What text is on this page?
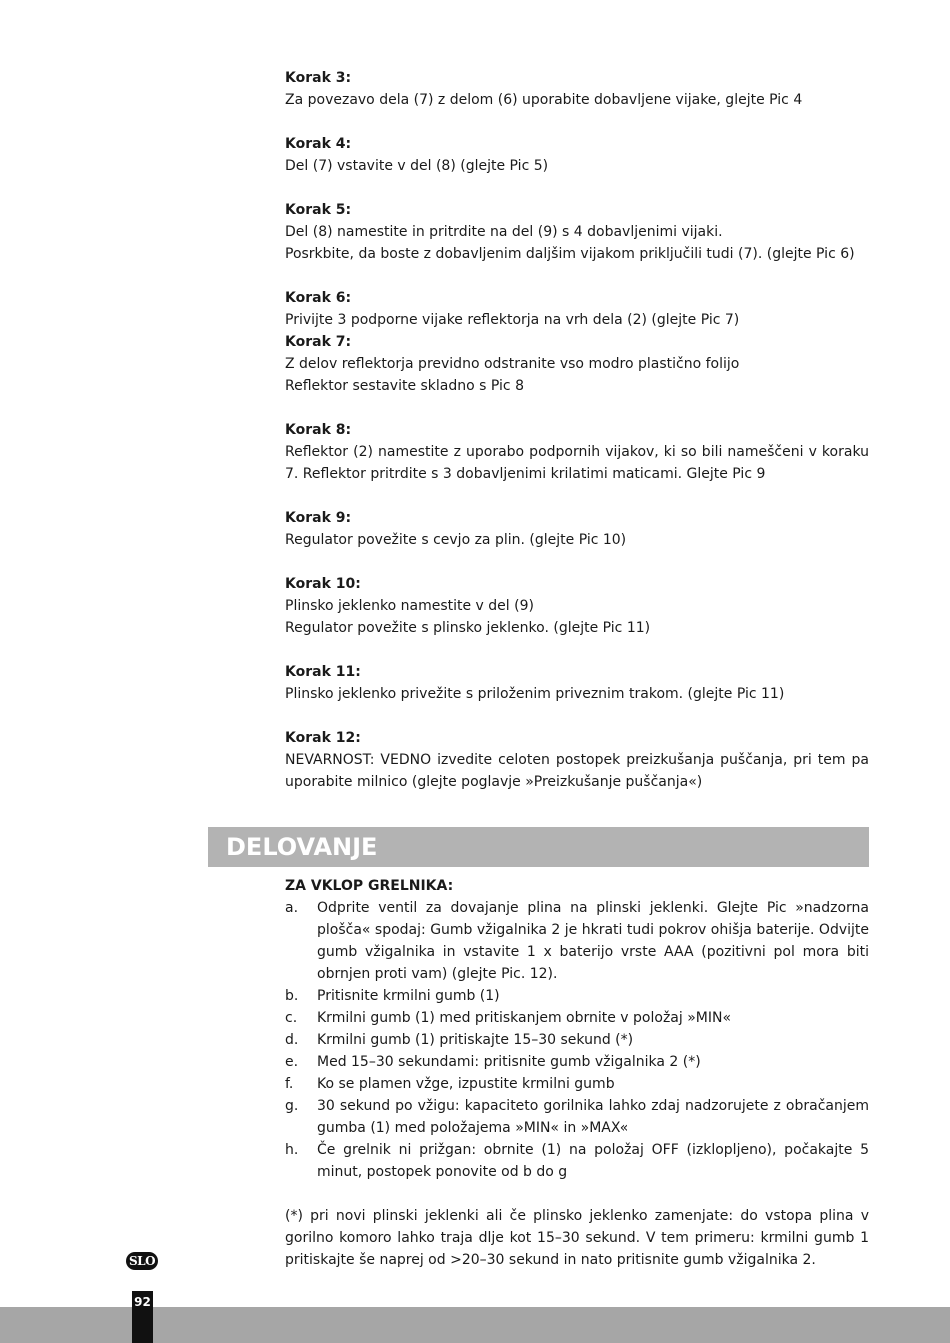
Korak 3:

Za povezavo dela (7) z delom (6) uporabite dobavljene vijake, glejte Pic 4

Korak 4:

Del (7) vstavite v del (8) (glejte Pic 5)

Korak 5:

Del (8) namestite in pritrdite na del (9) s 4 dobavljenimi vijaki.

Posrkbite, da boste z dobavljenim daljšim vijakom priključili tudi (7). (glejte Pic 6)

Korak 6:

Privijte 3 podporne vijake reflektorja na vrh dela (2) (glejte Pic 7)

Korak 7:

Z delov reflektorja previdno odstranite vso modro plastično folijo

Reflektor sestavite skladno s Pic 8

Korak 8:

Reflektor (2) namestite z uporabo podpornih vijakov, ki so bili nameščeni v koraku 7. Reflektor pritrdite s 3 dobavljenimi krilatimi maticami. Glejte Pic 9

Korak 9:

Regulator povežite s cevjo za plin. (glejte Pic 10)

Korak 10:

Plinsko jeklenko namestite v del (9)

Regulator povežite s plinsko jeklenko. (glejte Pic 11)

Korak 11:

Plinsko jeklenko privežite s priloženim priveznim trakom. (glejte Pic 11)

Korak 12:

NEVARNOST: VEDNO izvedite celoten postopek preizkušanja puščanja, pri tem pa uporabite milnico (glejte poglavje »Preizkušanje puščanja«)

DELOVANJE
ZA VKLOP GRELNIKA:
a. Odprite ventil za dovajanje plina na plinski jeklenki. Glejte Pic »nadzorna plošča« spodaj: Gumb vžigalnika 2 je hkrati tudi pokrov ohišja baterije. Odvijte gumb vžigalnika in vstavite 1 x baterijo vrste AAA (pozitivni pol mora biti obrnjen proti vam) (glejte Pic. 12).
b. Pritisnite krmilni gumb (1)
c. Krmilni gumb (1) med pritiskanjem obrnite v položaj »MIN«
d. Krmilni gumb (1) pritiskajte 15–30 sekund (*)
e. Med 15–30 sekundami: pritisnite gumb vžigalnika 2 (*)
f. Ko se plamen vžge, izpustite krmilni gumb
g. 30 sekund po vžigu: kapaciteto gorilnika lahko zdaj nadzorujete z obračanjem gumba (1) med položajema »MIN« in »MAX«
h. Če grelnik ni prižgan: obrnite (1) na položaj OFF (izklopljeno), počakajte 5 minut, postopek ponovite od b do g
(*) pri novi plinski jeklenki ali če plinsko jeklenko zamenjate: do vstopa plina v gorilno komoro lahko traja dlje kot 15–30 sekund. V tem primeru: krmilni gumb 1 pritiskajte še naprej od >20–30 sekund in nato pritisnite gumb vžigalnika 2.
SLO
92
